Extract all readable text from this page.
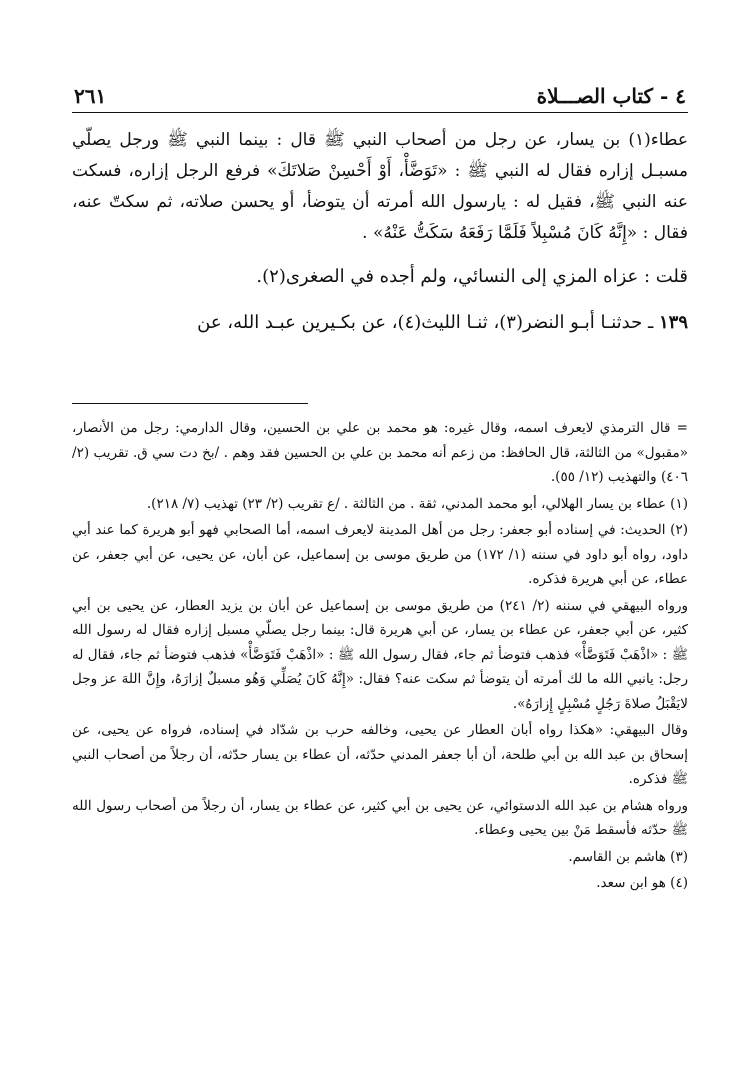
٤ - كتاب الصـــلاة
٢٦١

عطاء(١) بن يسار، عن رجل من أصحاب النبي ﷺ قال : بينما النبي ﷺ ورجل يصلّي مسبـل إزاره فقال له النبي ﷺ : «تَوَضَّأْ، أَوْ أَحْسِنْ صَلاتَكَ» فرفع الرجل إزاره، فسكت عنه النبي ﷺ، فقيل له : يارسول الله أمرته أن يتوضأ، أو يحسن صلاته، ثم سكتّ عنه، فقال : «إِنَّهُ كَانَ مُسْبِلاً فَلَمَّا رَفَعَهُ سَكَتُّ عَنْهُ» .

قلت : عزاه المزي إلى النسائي، ولم أجده في الصغرى(٢).

١٣٩ ـ حدثنـا أبـو النضر(٣)، ثنـا الليث(٤)، عن بكـيرين عبـد الله، عن

= قال الترمذي لايعرف اسمه، وقال غيره: هو محمد بن علي بن الحسين، وقال الدارمي: رجل من الأنصار، «مقبول» من الثالثة، قال الحافظ: من زعم أنه محمد بن علي بن الحسين فقد وهم . /بخ دت سي ق. تقريب (٢/ ٤٠٦) والتهذيب (١٢/ ٥٥).

(١) عطاء بن يسار الهلالي، أبو محمد المدني، ثقة . من الثالثة . /ع تقريب (٢/ ٢٣) تهذيب (٧/ ٢١٨).

(٢) الحديث: في إسناده أبو جعفر: رجل من أهل المدينة لايعرف اسمه، أما الصحابي فهو أبو هريرة كما عند أبي داود، رواه أبو داود في سننه (١/ ١٧٢) من طريق موسى بن إسماعيل، عن أبان، عن يحيى، عن أبي جعفر، عن عطاء، عن أبي هريرة فذكره.

ورواه البيهقي في سننه (٢/ ٢٤١) من طريق موسى بن إسماعيل عن أبان بن يزيد العطار، عن يحيى بن أبي كثير، عن أبي جعفر، عن عطاء بن يسار، عن أبي هريرة قال: بينما رجل يصلّي مسبل إزاره فقال له رسول الله ﷺ : «اذْهَبْ فَتَوَضَّأْ» فذهب فتوضأ ثم جاء، فقال رسول الله ﷺ : «اذْهَبْ فَتَوَضَّأْ» فذهب فتوضأ ثم جاء، فقال له رجل: يانبي الله ما لك أمرته أن يتوضأ ثم سكت عنه؟ فقال: «إِنَّهُ كَانَ يُصَلِّي وَهُو مسبلٌ إزارَهُ، وإِنَّ اللهَ عز وجل لايَقْبَلُ صلاةَ رَجُلٍ مُسْبِلٍ إِزارَهُ».

وقال البيهقي: «هكذا رواه أبان العطار عن يحيى، وخالفه حرب بن شدّاد في إسناده، فرواه عن يحيى، عن إسحاق بن عبد الله بن أبي طلحة، أن أبا جعفر المدني حدّثه، أن عطاء بن يسار حدّثه، أن رجلاً من أصحاب النبي ﷺ فذكره.

ورواه هشام بن عبد الله الدستوائي، عن يحيى بن أبي كثير، عن عطاء بن يسار، أن رجلاً من أصحاب رسول الله ﷺ حدّثه فأسقط مَنْ بين يحيى وعطاء.

(٣) هاشم بن القاسم.

(٤) هو ابن سعد.
